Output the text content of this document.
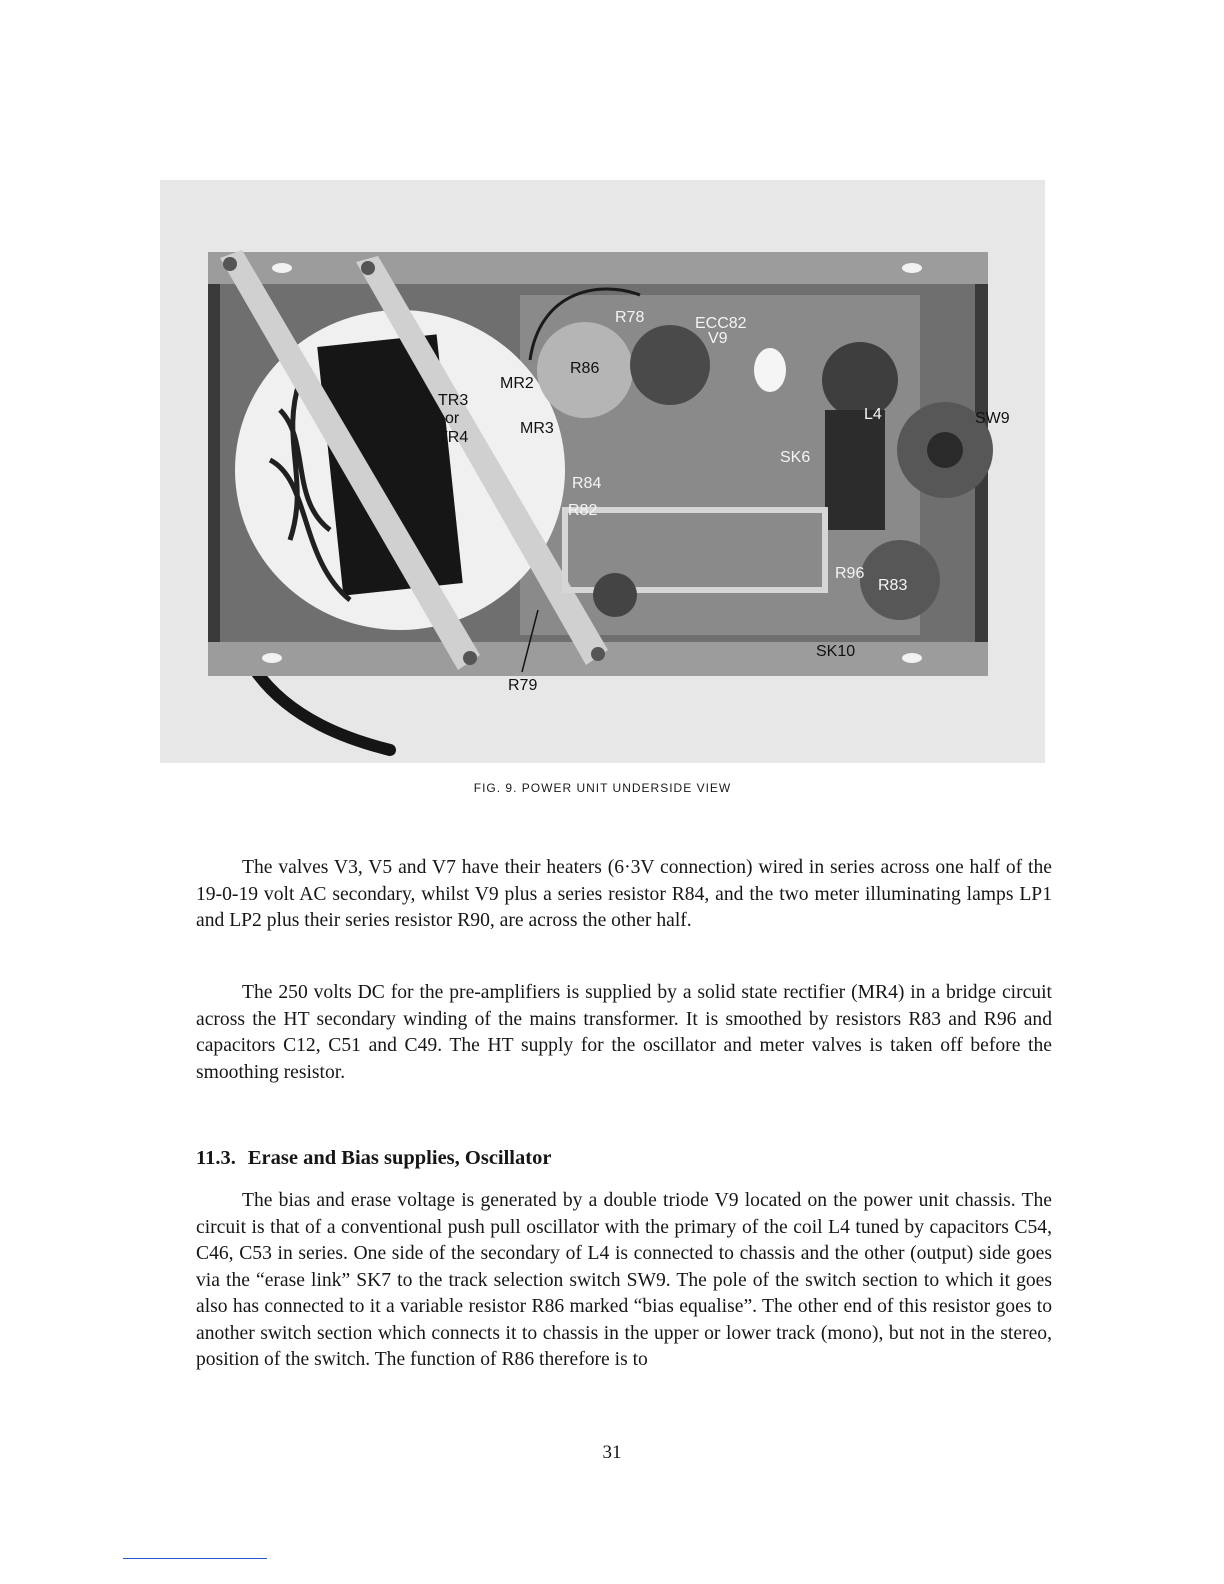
R78	ECC82
V9
R86
MR2
TR3
or
TR4
MR3
L4	SW9
SK6
R84
R82
R96
R83
SK10
R79
FIG. 9. POWER UNIT UNDERSIDE VIEW

The valves V3, V5 and V7 have their heaters (6·3V connection) wired in series across one half of the 19-0-19 volt AC secondary, whilst V9 plus a series resistor R84, and the two meter illuminating lamps LP1 and LP2 plus their series resistor R90, are across the other half.

The 250 volts DC for the pre-amplifiers is supplied by a solid state rectifier (MR4) in a bridge circuit across the HT secondary winding of the mains transformer. It is smoothed by resistors R83 and R96 and capacitors C12, C51 and C49. The HT supply for the oscillator and meter valves is taken off before the smoothing resistor.

11.3. Erase and Bias supplies, Oscillator

The bias and erase voltage is generated by a double triode V9 located on the power unit chassis. The circuit is that of a conventional push pull oscillator with the primary of the coil L4 tuned by capacitors C54, C46, C53 in series. One side of the secondary of L4 is connected to chassis and the other (output) side goes via the “erase link” SK7 to the track selection switch SW9. The pole of the switch section to which it goes also has connected to it a variable resistor R86 marked “bias equalise”. The other end of this resistor goes to another switch section which connects it to chassis in the upper or lower track (mono), but not in the stereo, position of the switch. The function of R86 therefore is to

31
